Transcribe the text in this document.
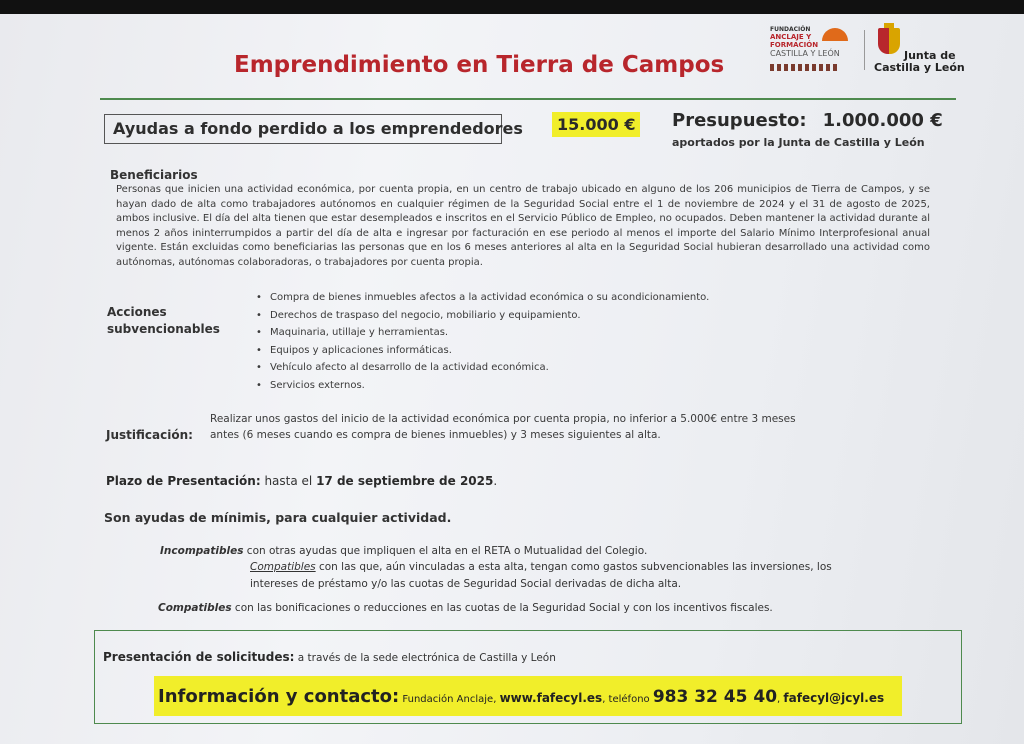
Emprendimiento en Tierra de Campos
FUNDACIÓN
ANCLAJE Y FORMACIÓN
CASTILLA Y LEÓN	Junta de
Castilla y León
Ayudas a fondo perdido a los emprendedores	15.000 € Presupuesto: 1.000.000 €
aportados por la Junta de Castilla y León
Beneficiarios
Personas que inicien una actividad económica, por cuenta propia, en un centro de trabajo ubicado en alguno de los 206 municipios de Tierra de Campos, y se hayan dado de alta como trabajadores autónomos en cualquier régimen de la Seguridad Social entre el 1 de noviembre de 2024 y el 31 de agosto de 2025, ambos inclusive. El día del alta tienen que estar desempleados e inscritos en el Servicio Público de Empleo, no ocupados. Deben mantener la actividad durante al menos 2 años ininterrumpidos a partir del día de alta e ingresar por facturación en ese periodo al menos el importe del Salario Mínimo Interprofesional anual vigente. Están excluidas como beneficiarias las personas que en los 6 meses anteriores al alta en la Seguridad Social hubieran desarrollado una actividad como autónomas, autónomas colaboradoras, o trabajadores por cuenta propia.
Acciones
subvencionables
• Compra de bienes inmuebles afectos a la actividad económica o su acondicionamiento.
• Derechos de traspaso del negocio, mobiliario y equipamiento.
• Maquinaria, utillaje y herramientas.
• Equipos y aplicaciones informáticas.
• Vehículo afecto al desarrollo de la actividad económica.
• Servicios externos.
Justificación:
Realizar unos gastos del inicio de la actividad económica por cuenta propia, no inferior a 5.000€ entre 3 meses antes (6 meses cuando es compra de bienes inmuebles) y 3 meses siguientes al alta.
Plazo de Presentación: hasta el 17 de septiembre de 2025.
Son ayudas de mínimis, para cualquier actividad.
Incompatibles con otras ayudas que impliquen el alta en el RETA o Mutualidad del Colegio.
Compatibles con las que, aún vinculadas a esta alta, tengan como gastos subvencionables las inversiones, los
intereses de préstamo y/o las cuotas de Seguridad Social derivadas de dicha alta.
Compatibles con las bonificaciones o reducciones en las cuotas de la Seguridad Social y con los incentivos fiscales.
Presentación de solicitudes: a través de la sede electrónica de Castilla y León
Información y contacto: Fundación Anclaje, www.fafecyl.es, teléfono 983 32 45 40, fafecyl@jcyl.es
